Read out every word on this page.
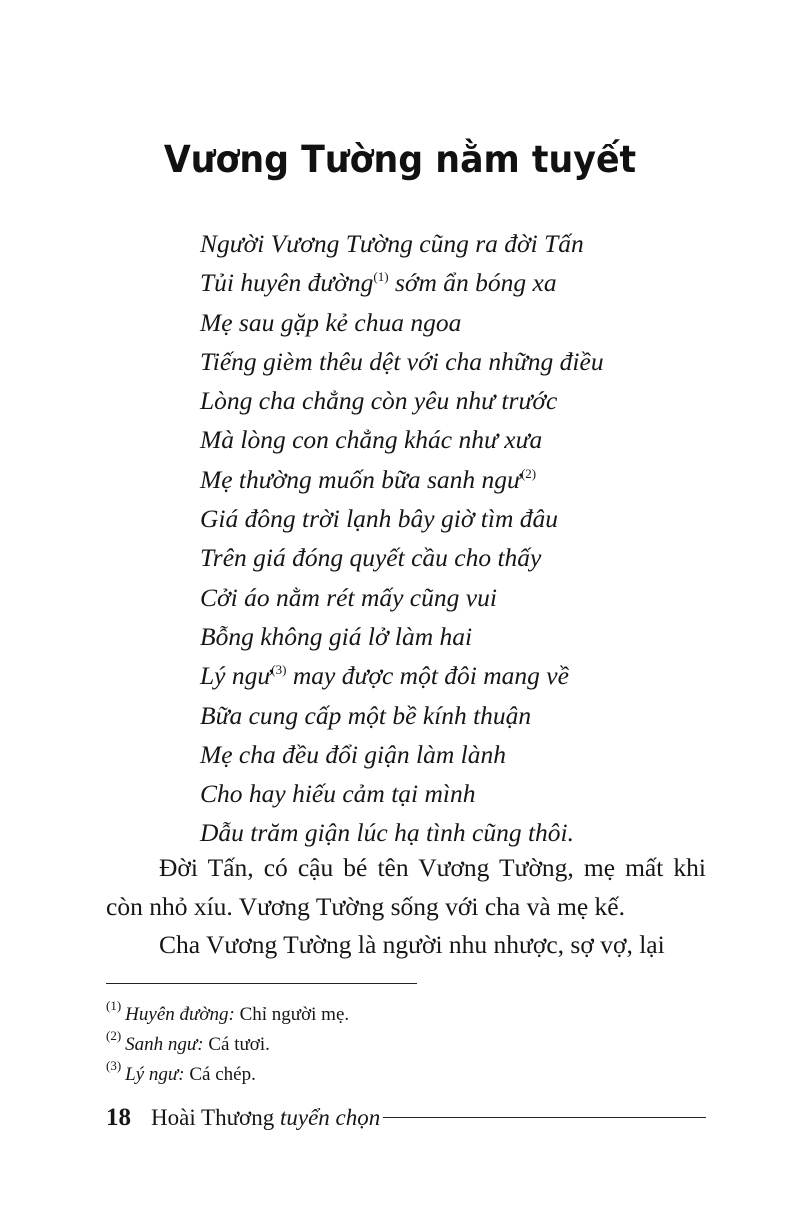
Vương Tường nằm tuyết
Người Vương Tường cũng ra đời Tấn
Tủi huyên đường$^{(1)}$ sớm ẩn bóng xa
Mẹ sau gặp kẻ chua ngoa
Tiếng gièm thêu dệt với cha những điều
Lòng cha chẳng còn yêu như trước
Mà lòng con chẳng khác như xưa
Mẹ thường muốn bữa sanh ngư$^{(2)}$
Giá đông trời lạnh bây giờ tìm đâu
Trên giá đóng quyết cầu cho thấy
Cởi áo nằm rét mấy cũng vui
Bỗng không giá lở làm hai
Lý ngư$^{(3)}$ may được một đôi mang về
Bữa cung cấp một bề kính thuận
Mẹ cha đều đổi giận làm lành
Cho hay hiếu cảm tại mình
Dẫu trăm giận lúc hạ tình cũng thôi.

Đời Tấn, có cậu bé tên Vương Tường, mẹ mất khi còn nhỏ xíu. Vương Tường sống với cha và mẹ kế.

Cha Vương Tường là người nhu nhược, sợ vợ, lại

$^{(1)}$ Huyên đường: Chỉ người mẹ.
$^{(2)}$ Sanh ngư: Cá tươi.
$^{(3)}$ Lý ngư: Cá chép.
18 Hoài Thương tuyển chọn
